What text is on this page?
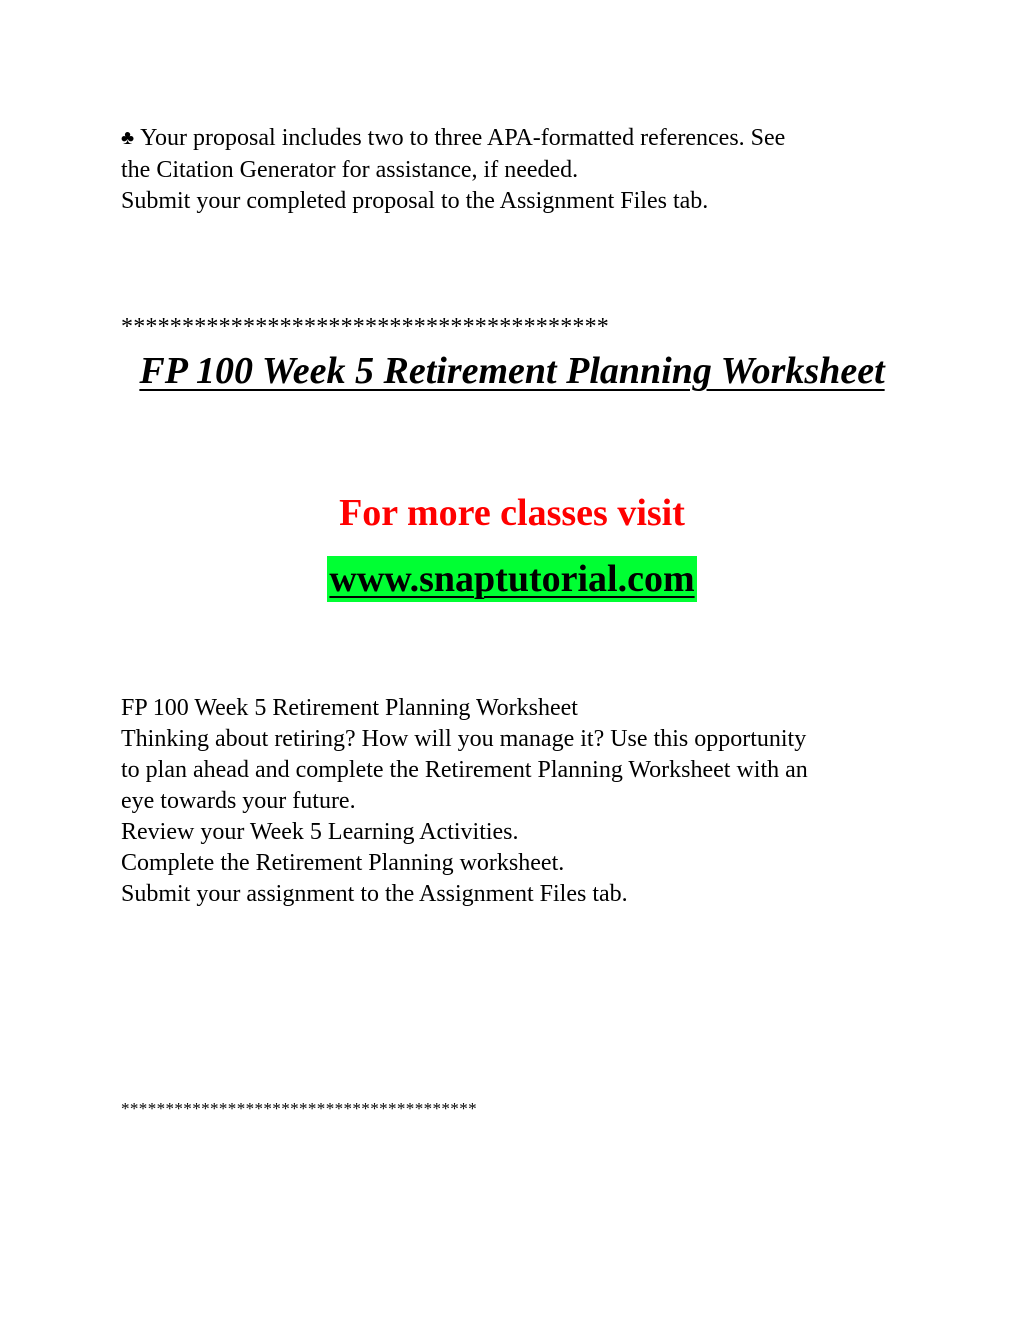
♣ Your proposal includes two to three APA-formatted references. See
the Citation Generator for assistance, if needed.
Submit your completed proposal to the Assignment Files tab.
****************************************
FP 100 Week 5 Retirement Planning Worksheet
For more classes visit
www.snaptutorial.com
FP 100 Week 5 Retirement Planning Worksheet
Thinking about retiring? How will you manage it? Use this opportunity
to plan ahead and complete the Retirement Planning Worksheet with an
eye towards your future.
Review your Week 5 Learning Activities.
Complete the Retirement Planning worksheet.
Submit your assignment to the Assignment Files tab.
****************************************
